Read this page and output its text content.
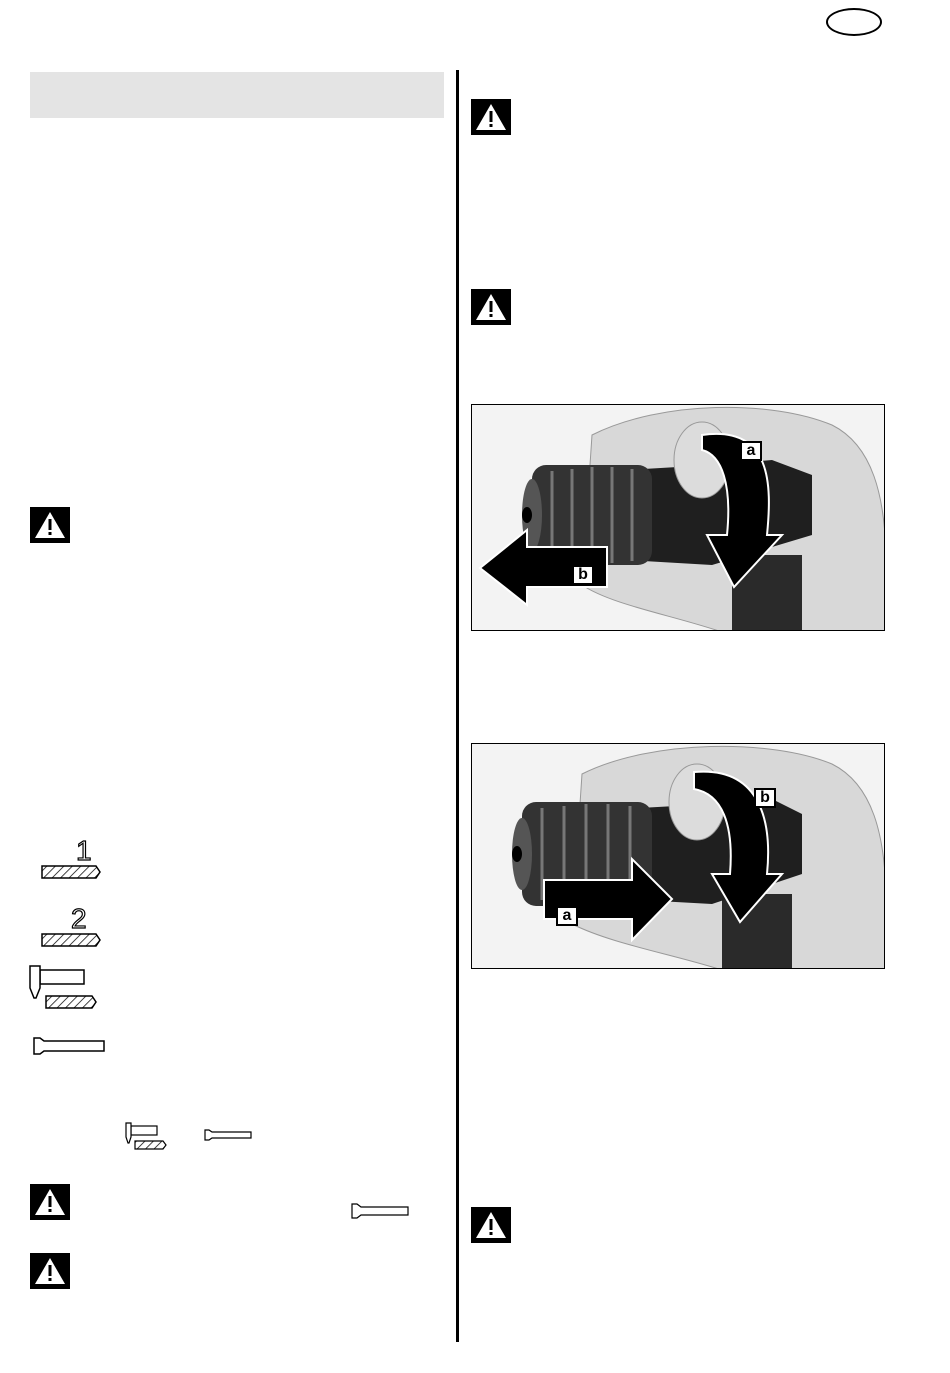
1
2
a
b
b
a
